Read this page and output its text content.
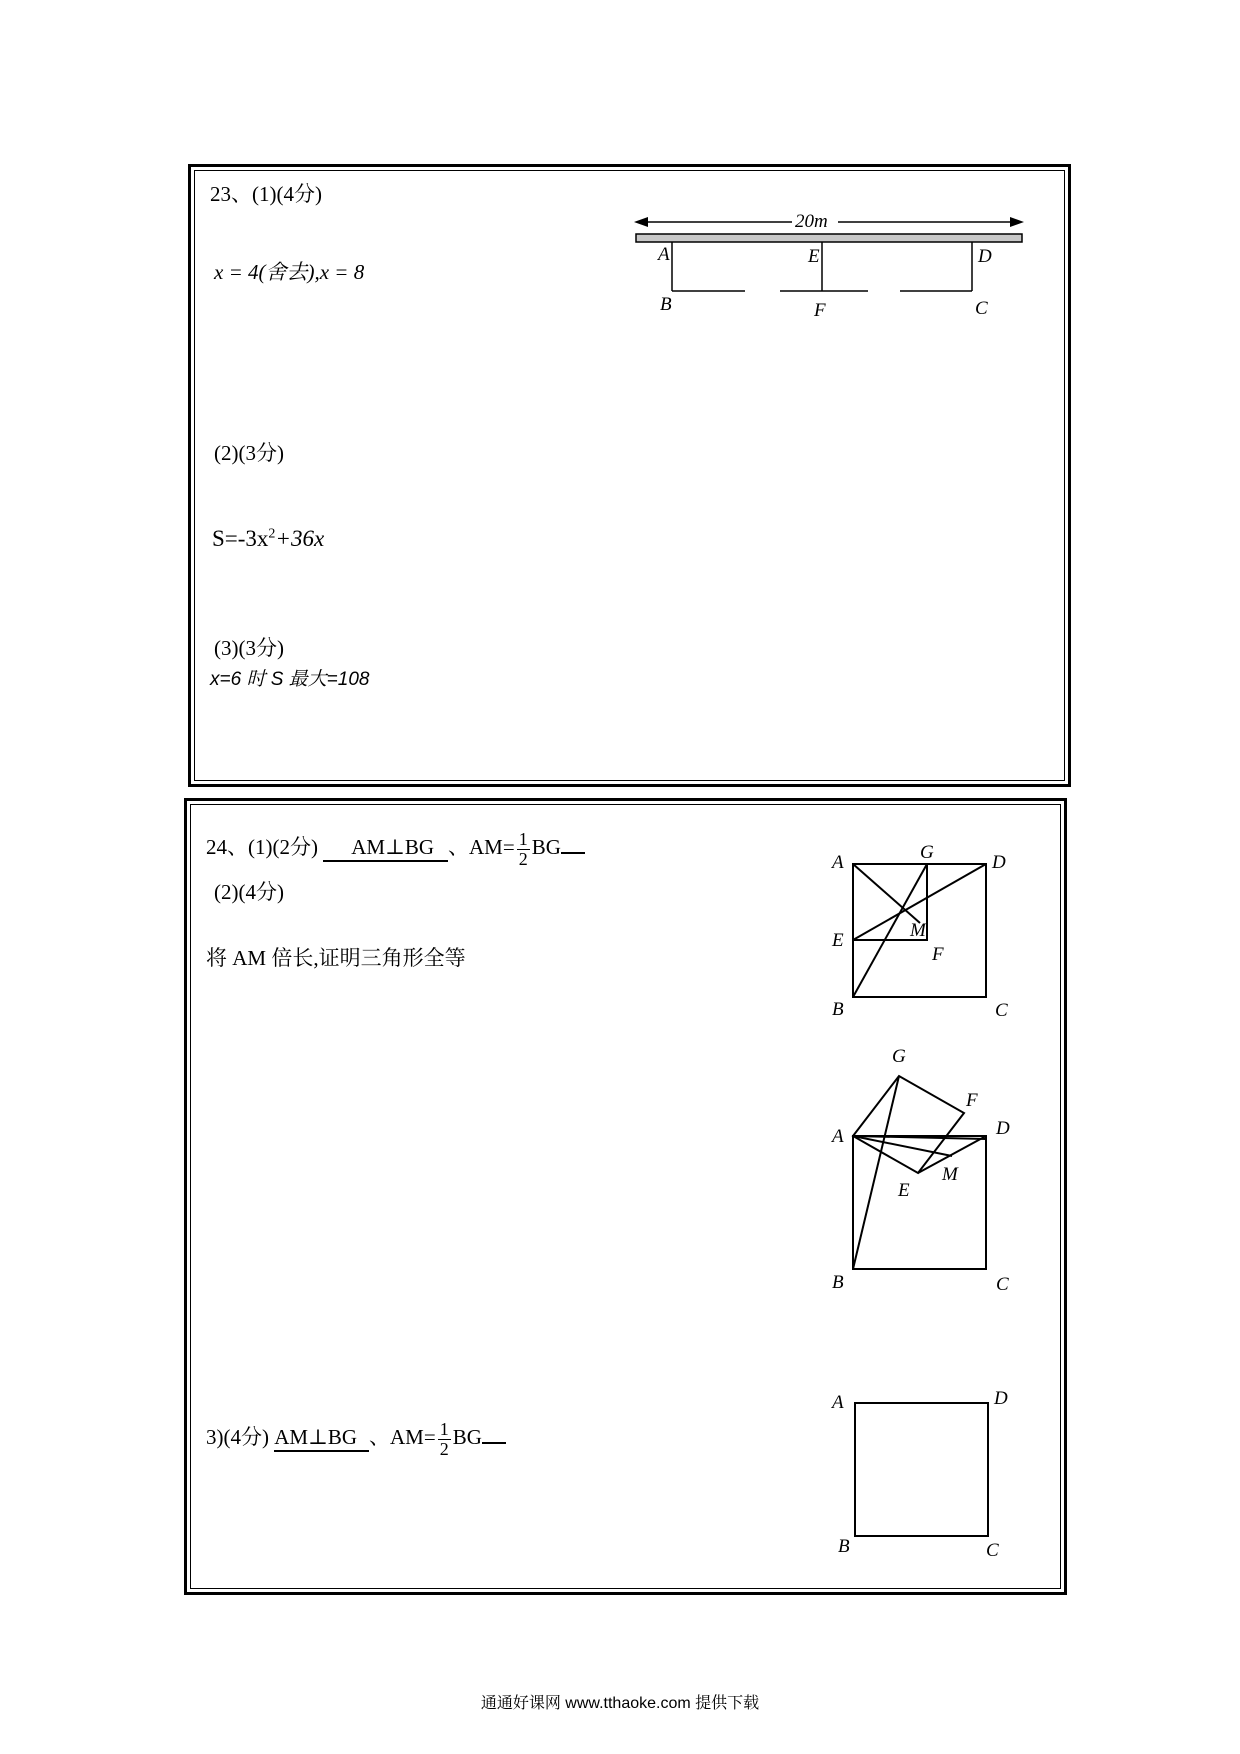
23、(1)(4分)
x = 4(舍去),x = 8
(2)(3分)
$S=-3x^2+36x$
(3)(3分)
x=6 时 S 最大=108
20m
A	E	D
B	F	C
24、(1)(2分) AM⊥BG 、$AM= \frac{1}{2}$ BG
(2)(4分)
将 AM 倍长,证明三角形全等
3)(4分) AM⊥BG 、$AM= \frac{1}{2}$ BG
A	G	D
M
E
F
B	C
G
F
A	D
M
E
B	C
A	D
B	C
通通好课网 www.tthaoke.com 提供下载
